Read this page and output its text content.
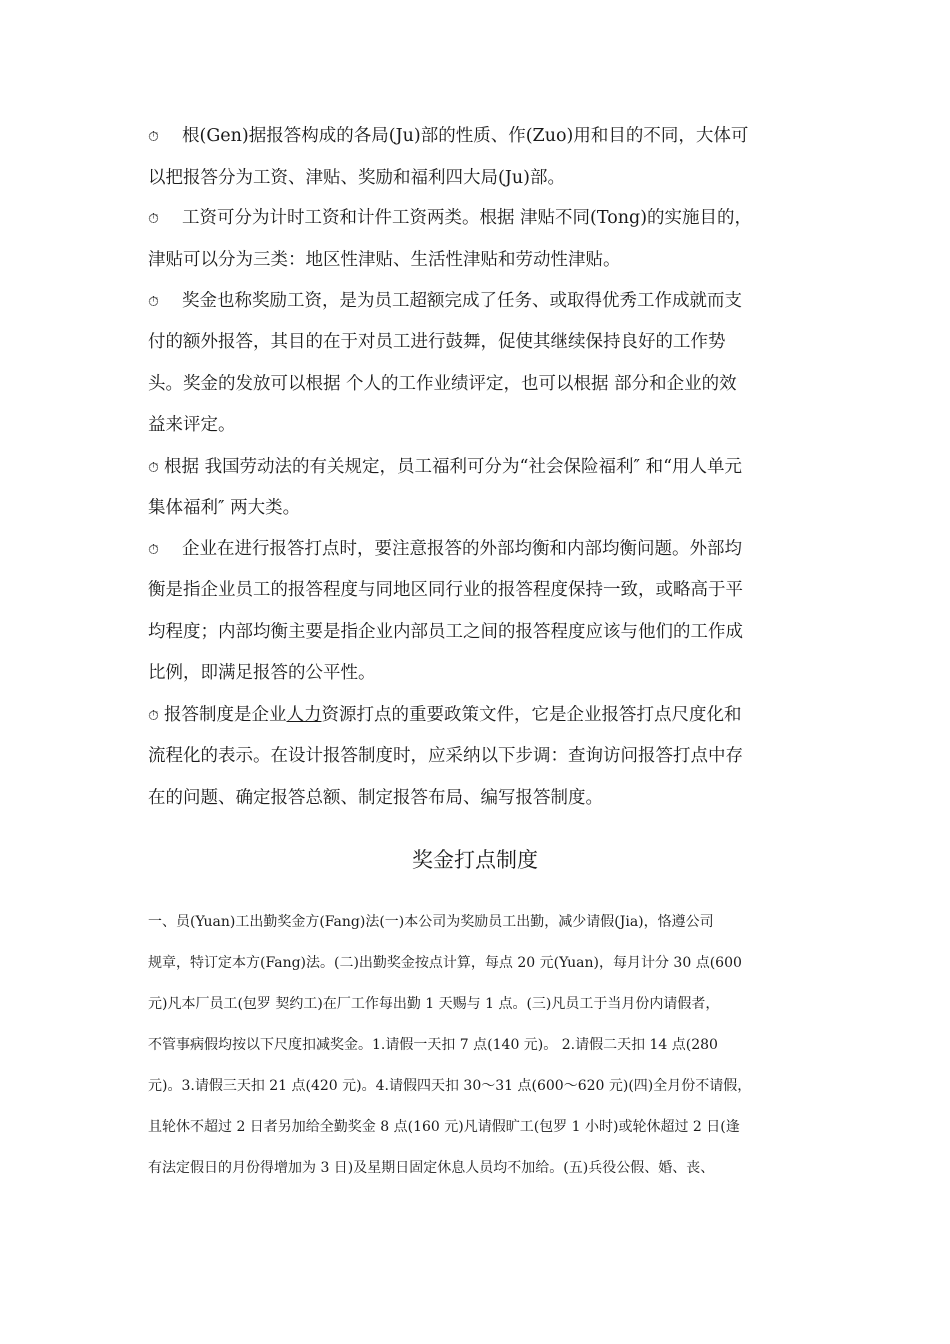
⏱ 根(Gen)据报答构成的各局(Ju)部的性质、作(Zuo)用和目的不同，大体可
以把报答分为工资、津贴、奖励和福利四大局(Ju)部。
⏱ 工资可分为计时工资和计件工资两类。根据 津贴不同(Tong)的实施目的，
津贴可以分为三类：地区性津贴、生活性津贴和劳动性津贴。
⏱ 奖金也称奖励工资，是为员工超额完成了任务、或取得优秀工作成就而支
付的额外报答，其目的在于对员工进行鼓舞，促使其继续保持良好的工作势
头。奖金的发放可以根据 个人的工作业绩评定，也可以根据 部分和企业的效
益来评定。
⏱ 根据 我国劳动法的有关规定，员工福利可分为“社会保险福利″ 和“用人单元
集体福利″ 两大类。
⏱ 企业在进行报答打点时，要注意报答的外部均衡和内部均衡问题。外部均
衡是指企业员工的报答程度与同地区同行业的报答程度保持一致，或略高于平
均程度；内部均衡主要是指企业内部员工之间的报答程度应该与他们的工作成
比例，即满足报答的公平性。
⏱ 报答制度是企业人力资源打点的重要政策文件，它是企业报答打点尺度化和
流程化的表示。在设计报答制度时，应采纳以下步调：查询访问报答打点中存
在的问题、确定报答总额、制定报答布局、编写报答制度。
奖金打点制度
一、员(Yuan)工出勤奖金方(Fang)法(一)本公司为奖励员工出勤，减少请假(Jia)，恪遵公司
规章，特订定本方(Fang)法。(二)出勤奖金按点计算，每点 20 元(Yuan)，每月计分 30 点(600
元)凡本厂员工(包罗 契约工)在厂工作每出勤 1 天赐与 1 点。(三)凡员工于当月份内请假者，
不管事病假均按以下尺度扣减奖金。1.请假一天扣 7 点(140 元)。 2.请假二天扣 14 点(280
元)。3.请假三天扣 21 点(420 元)。4.请假四天扣 30～31 点(600～620 元)(四)全月份不请假，
且轮休不超过 2 日者另加给全勤奖金 8 点(160 元)凡请假旷工(包罗 1 小时)或轮休超过 2 日(逢
有法定假日的月份得增加为 3 日)及星期日固定休息人员均不加给。(五)兵役公假、婚、丧、
